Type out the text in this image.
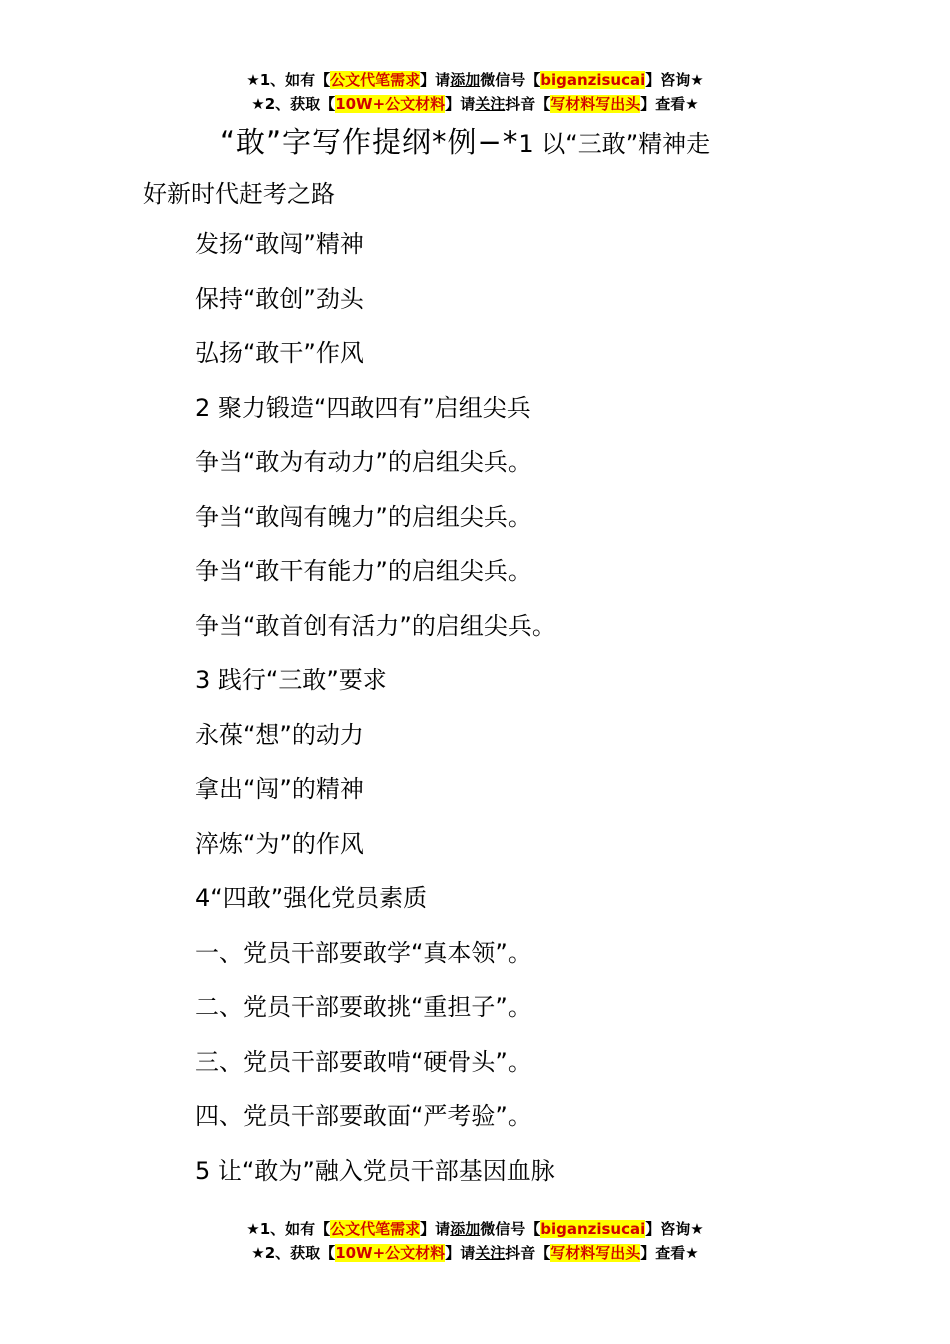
★1、如有【公文代笔需求】请添加微信号【biganzisucai】咨询★
★2、获取【10W+公文材料】请关注抖音【写材料写出头】查看★
“敢”字写作提纲*例−*1 以“三敢”精神走
好新时代赶考之路
发扬“敢闯”精神
保持“敢创”劲头
弘扬“敢干”作风
2 聚力锻造“四敢四有”启组尖兵
争当“敢为有动力”的启组尖兵。
争当“敢闯有魄力”的启组尖兵。
争当“敢干有能力”的启组尖兵。
争当“敢首创有活力”的启组尖兵。
3 践行“三敢”要求
永葆“想”的动力
拿出“闯”的精神
淬炼“为”的作风
4“四敢”强化党员素质
一、党员干部要敢学“真本领”。
二、党员干部要敢挑“重担子”。
三、党员干部要敢啃“硬骨头”。
四、党员干部要敢面“严考验”。
5 让“敢为”融入党员干部基因血脉
★1、如有【公文代笔需求】请添加微信号【biganzisucai】咨询★
★2、获取【10W+公文材料】请关注抖音【写材料写出头】查看★
